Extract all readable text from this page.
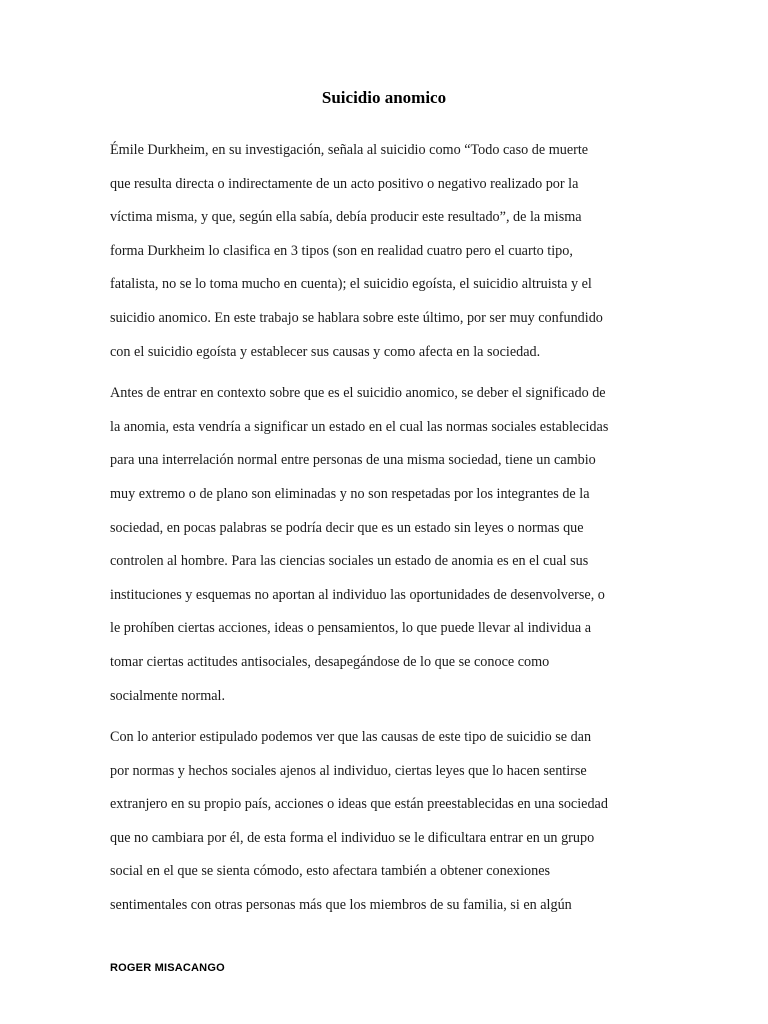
Suicidio anomico
Émile Durkheim, en su investigación, señala al suicidio como “Todo caso de muerte
que resulta directa o indirectamente de un acto positivo o negativo realizado por la
víctima misma, y que, según ella sabía, debía producir este resultado”, de la misma
forma Durkheim lo clasifica en 3 tipos (son en realidad cuatro pero el cuarto tipo,
fatalista, no se lo toma mucho en cuenta); el suicidio egoísta, el suicidio altruista y el
suicidio anomico. En este trabajo se hablara sobre este último, por ser muy confundido
con el suicidio egoísta y establecer sus causas y como afecta en la sociedad.
Antes de entrar en contexto sobre que es el suicidio anomico, se deber el significado de
la anomia, esta vendría a significar un estado en el cual las normas sociales establecidas
para una interrelación normal entre personas de una misma sociedad, tiene un cambio
muy extremo o de plano son eliminadas y no son respetadas por los integrantes de la
sociedad, en pocas palabras se podría decir que es un estado sin leyes o normas que
controlen al hombre. Para las ciencias sociales un estado de anomia es en el cual sus
instituciones y esquemas no aportan al individuo las oportunidades de desenvolverse, o
le prohíben ciertas acciones, ideas o pensamientos, lo que puede llevar al individua a
tomar ciertas actitudes antisociales, desapegándose de lo que se conoce como
socialmente normal.
Con lo anterior estipulado podemos ver que las causas de este tipo de suicidio se dan
por normas y hechos sociales ajenos al individuo, ciertas leyes que lo hacen sentirse
extranjero en su propio país, acciones o ideas que están preestablecidas en una sociedad
que no cambiara por él, de esta forma el individuo se le dificultara entrar en un grupo
social en el que se sienta cómodo, esto afectara también a obtener conexiones
sentimentales con otras personas más que los miembros de su familia, si en algún
ROGER MISACANGO
